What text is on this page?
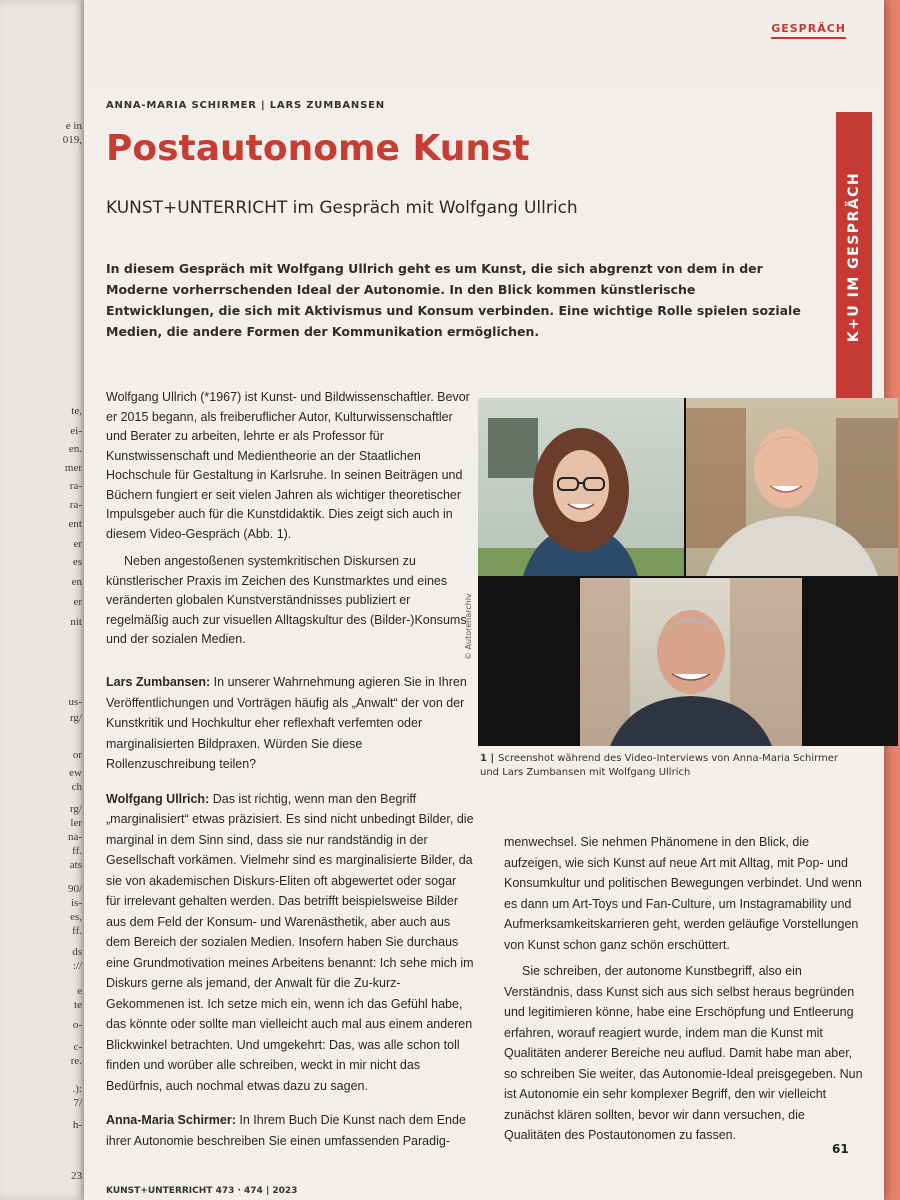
e in
019,
te,
ei-
en.
mer
ra-
ra-
ent
er
es
en
er
nit
us-
rg/
or
ew
ch
rg/
ler
na-
ff.
ats
90/
is-
es,
ff.
ds
://
e
te
o-
c-
re.
.):
7/
h-
23
GESPRÄCH
K+U IM GESPRÄCH
ANNA-MARIA SCHIRMER | LARS ZUMBANSEN
Postautonome Kunst
KUNST+UNTERRICHT im Gespräch mit Wolfgang Ullrich
In diesem Gespräch mit Wolfgang Ullrich geht es um Kunst, die sich abgrenzt von dem in der Moderne vorherrschenden Ideal der Autonomie. In den Blick kommen künstlerische Entwicklungen, die sich mit Aktivismus und Konsum verbinden. Eine wichtige Rolle spielen soziale Medien, die andere Formen der Kommunikation ermöglichen.

Wolfgang Ullrich (*1967) ist Kunst- und Bildwissenschaftler. Bevor er 2015 begann, als freiberuflicher Autor, Kulturwissenschaftler und Berater zu arbeiten, lehrte er als Professor für Kunstwissenschaft und Medientheorie an der Staatlichen Hochschule für Gestaltung in Karlsruhe. In seinen Beiträgen und Büchern fungiert er seit vielen Jahren als wichtiger theoretischer Impulsgeber auch für die Kunstdidaktik. Dies zeigt sich auch in diesem Video-Gespräch (Abb. 1).

Neben angestoßenen systemkritischen Diskursen zu künstlerischer Praxis im Zeichen des Kunstmarktes und eines veränderten globalen Kunstverständnisses publiziert er regelmäßig auch zur visuellen Alltagskultur des (Bilder-)Konsums und der sozialen Medien.

Lars Zumbansen: In unserer Wahrnehmung agieren Sie in Ihren Veröffentlichungen und Vorträgen häufig als „Anwalt“ der von der Kunstkritik und Hochkultur eher reflexhaft verfemten oder marginalisierten Bildpraxen. Würden Sie diese Rollenzuschreibung teilen?

Wolfgang Ullrich: Das ist richtig, wenn man den Begriff „marginalisiert“ etwas präzisiert. Es sind nicht unbedingt Bilder, die marginal in dem Sinn sind, dass sie nur randständig in der Gesellschaft vorkämen. Vielmehr sind es marginalisierte Bilder, da sie von akademischen Diskurs-Eliten oft abgewertet oder sogar für irrelevant gehalten werden. Das betrifft beispielsweise Bilder aus dem Feld der Konsum- und Warenästhetik, aber auch aus dem Bereich der sozialen Medien. Insofern haben Sie durchaus eine Grundmotivation meines Arbeitens benannt: Ich sehe mich im Diskurs gerne als jemand, der Anwalt für die Zu-kurz-Gekommenen ist. Ich setze mich ein, wenn ich das Gefühl habe, das könnte oder sollte man vielleicht auch mal aus einem anderen Blickwinkel betrachten. Und umgekehrt: Das, was alle schon toll finden und worüber alle schreiben, weckt in mir nicht das Bedürfnis, auch nochmal etwas dazu zu sagen.

Anna-Maria Schirmer: In Ihrem Buch Die Kunst nach dem Ende ihrer Autonomie beschreiben Sie einen umfassenden Paradig-

© Autorenarchiv
1 | Screenshot während des Video-Interviews von Anna-Maria Schirmer und Lars Zumbansen mit Wolfgang Ullrich

menwechsel. Sie nehmen Phänomene in den Blick, die aufzeigen, wie sich Kunst auf neue Art mit Alltag, mit Pop- und Konsumkultur und politischen Bewegungen verbindet. Und wenn es dann um Art-Toys und Fan-Culture, um Instagramability und Aufmerksamkeitskarrieren geht, werden geläufige Vorstellungen von Kunst schon ganz schön erschüttert.

Sie schreiben, der autonome Kunstbegriff, also ein Verständnis, dass Kunst sich aus sich selbst heraus begründen und legitimieren könne, habe eine Erschöpfung und Entleerung erfahren, worauf reagiert wurde, indem man die Kunst mit Qualitäten anderer Bereiche neu auflud. Damit habe man aber, so schreiben Sie weiter, das Autonomie-Ideal preisgegeben. Nun ist Autonomie ein sehr komplexer Begriff, den wir vielleicht zunächst klären sollten, bevor wir dann versuchen, die Qualitäten des Postautonomen zu fassen.

61
KUNST+UNTERRICHT 473 · 474 | 2023
